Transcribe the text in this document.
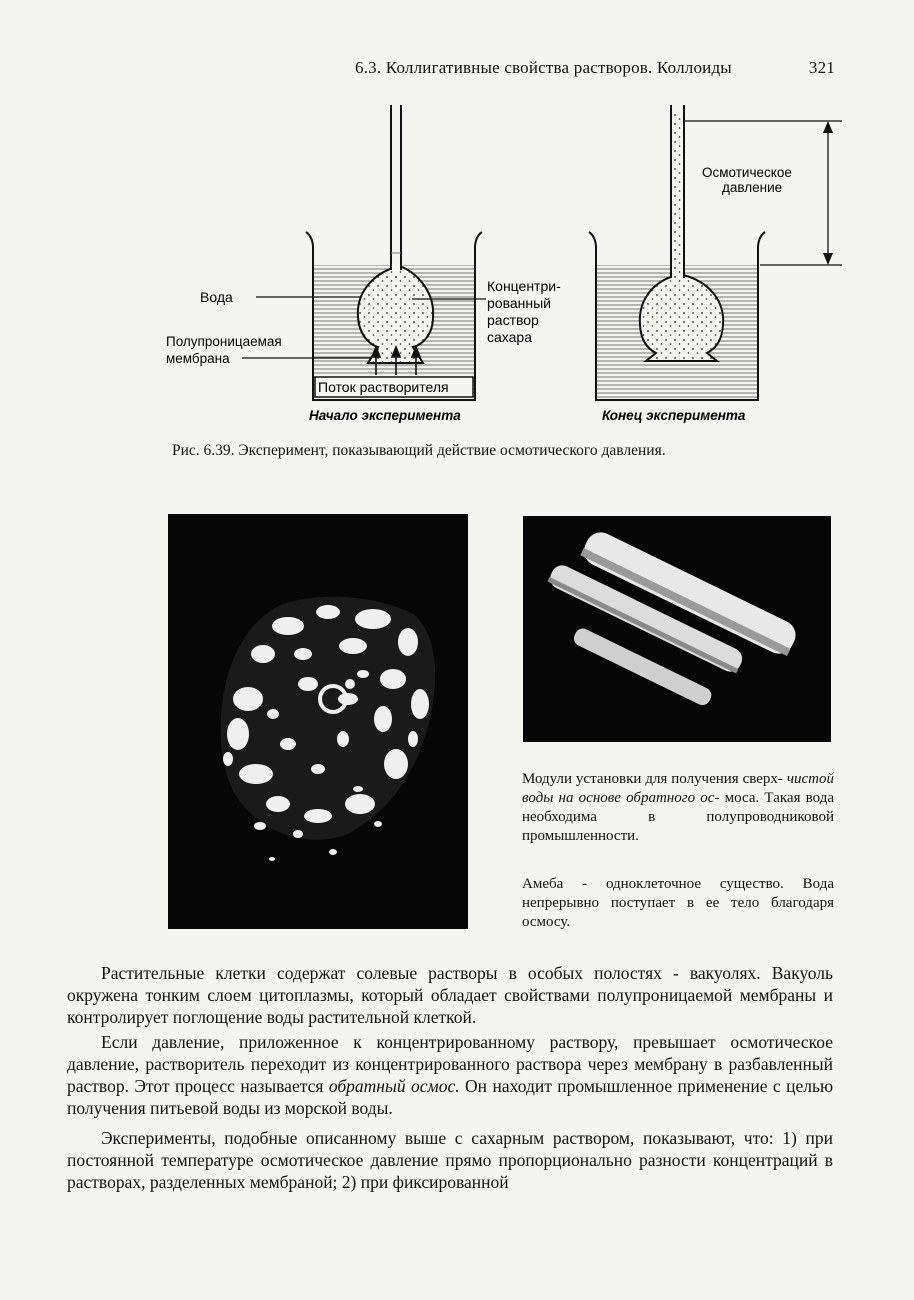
6.3. Коллигативные свойства растворов. Коллоиды	321
Поток растворителя
Вода
Полупроницаемая
мембрана
Концентри- рованный раствор сахара
Начало эксперимента
Осмотическое
давление
Конец эксперимента
Рис. 6.39. Эксперимент, показывающий действие осмотического давления.
Модули установки для получения сверх- чистой воды на основе обратного ос- моса. Такая вода необходима в полупроводниковой промышленности.
Амеба - одноклеточное существо. Вода непрерывно поступает в ее тело благодаря осмосу.

Растительные клетки содержат солевые растворы в особых полостях - вакуолях. Вакуоль окружена тонким слоем цитоплазмы, который обладает свойствами полупроницаемой мембраны и контролирует поглощение воды растительной клеткой.

Если давление, приложенное к концентрированному раствору, превышает осмотическое давление, растворитель переходит из концентрированного раствора через мембрану в разбавленный раствор. Этот процесс называется обратный осмос. Он находит промышленное применение с целью получения питьевой воды из морской воды.

Эксперименты, подобные описанному выше с сахарным раствором, показывают, что: 1) при постоянной температуре осмотическое давление прямо пропорционально разности концентраций в растворах, разделенных мембраной; 2) при фиксированной
